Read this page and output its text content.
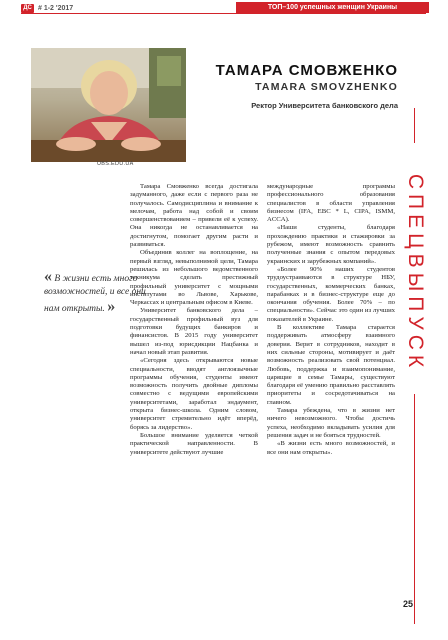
ДС # 1-2 '2017	ТОП–100 успешных женщин Украины
UBS.EDU.UA
ТАМАРА СМОВЖЕНКО
TAMARA SMOVZHENKO
Ректор Университета банковского дела
« В жизни есть много возможностей, и все они нам открыты. »

Тамара Смовженко всегда достигала задуманного, даже если с первого раза не получалось. Самодисциплина и внимание к мелочам, работа над собой и своим совершенствованием – привели её к успеху. Она никогда не останавливается на достигнутом, помогает другим расти и развиваться.

Объединив коллег на воплощение, на первый взгляд, невыполнимой цели, Тамара решилась из небольшого ведомственного техникума сделать престижный профильный университет с мощными институтами во Львове, Харькове, Черкассах и центральным офисом в Киеве.

Университет банковского дела – государственный профильный вуз для подготовки будущих банкиров и финансистов. В 2015 году университет вышел из-под юрисдикции Нацбанка и начал новый этап развития.

«Сегодня здесь открываются новые специальности, вводят англоязычные программы обучения, студенты имеют возможность получить двойные дипломы совместно с ведущими европейскими университетами, заработал эндаумент, открыта бизнес-школа. Одним словом, университет стремительно идёт вперёд, борясь за лидерство».

Большое внимание уделяется четкой практической направленности. В университете действуют лучшие

международные программы профессионального образования специалистов в области управления бизнесом (IFA, EBC * L, CIPA, ISMM, ACCA).

«Наши студенты, благодаря прохождению практики и стажировки за рубежом, имеют возможность сравнить полученные знания с опытом передовых украинских и зарубежных компаний».

«Более 90% наших студентов трудоустраиваются в структуре НБУ, государственных, коммерческих банках, парабанках и в бизнес-структуре еще до окончания обучения. Более 70% – по специальности». Сейчас это один из лучших показателей в Украине.

В коллективе Тамара старается поддерживать атмосферу взаимного доверия. Верит в сотрудников, находит в них сильные стороны, мотивирует и даёт возможность реализовать свой потенциал. Любовь, поддержка и взаимопонимание, царящие в семье Тамары, существуют благодаря её умению правильно расставлять приоритеты и сосредотачиваться на главном.

Тамара убеждена, что в жизни нет ничего невозможного. Чтобы достичь успеха, необходимо вкладывать усилия для решения задач и не бояться трудностей.

«В жизни есть много возможностей, и все они нам открыты».

СПЕЦВЫПУСК
25
